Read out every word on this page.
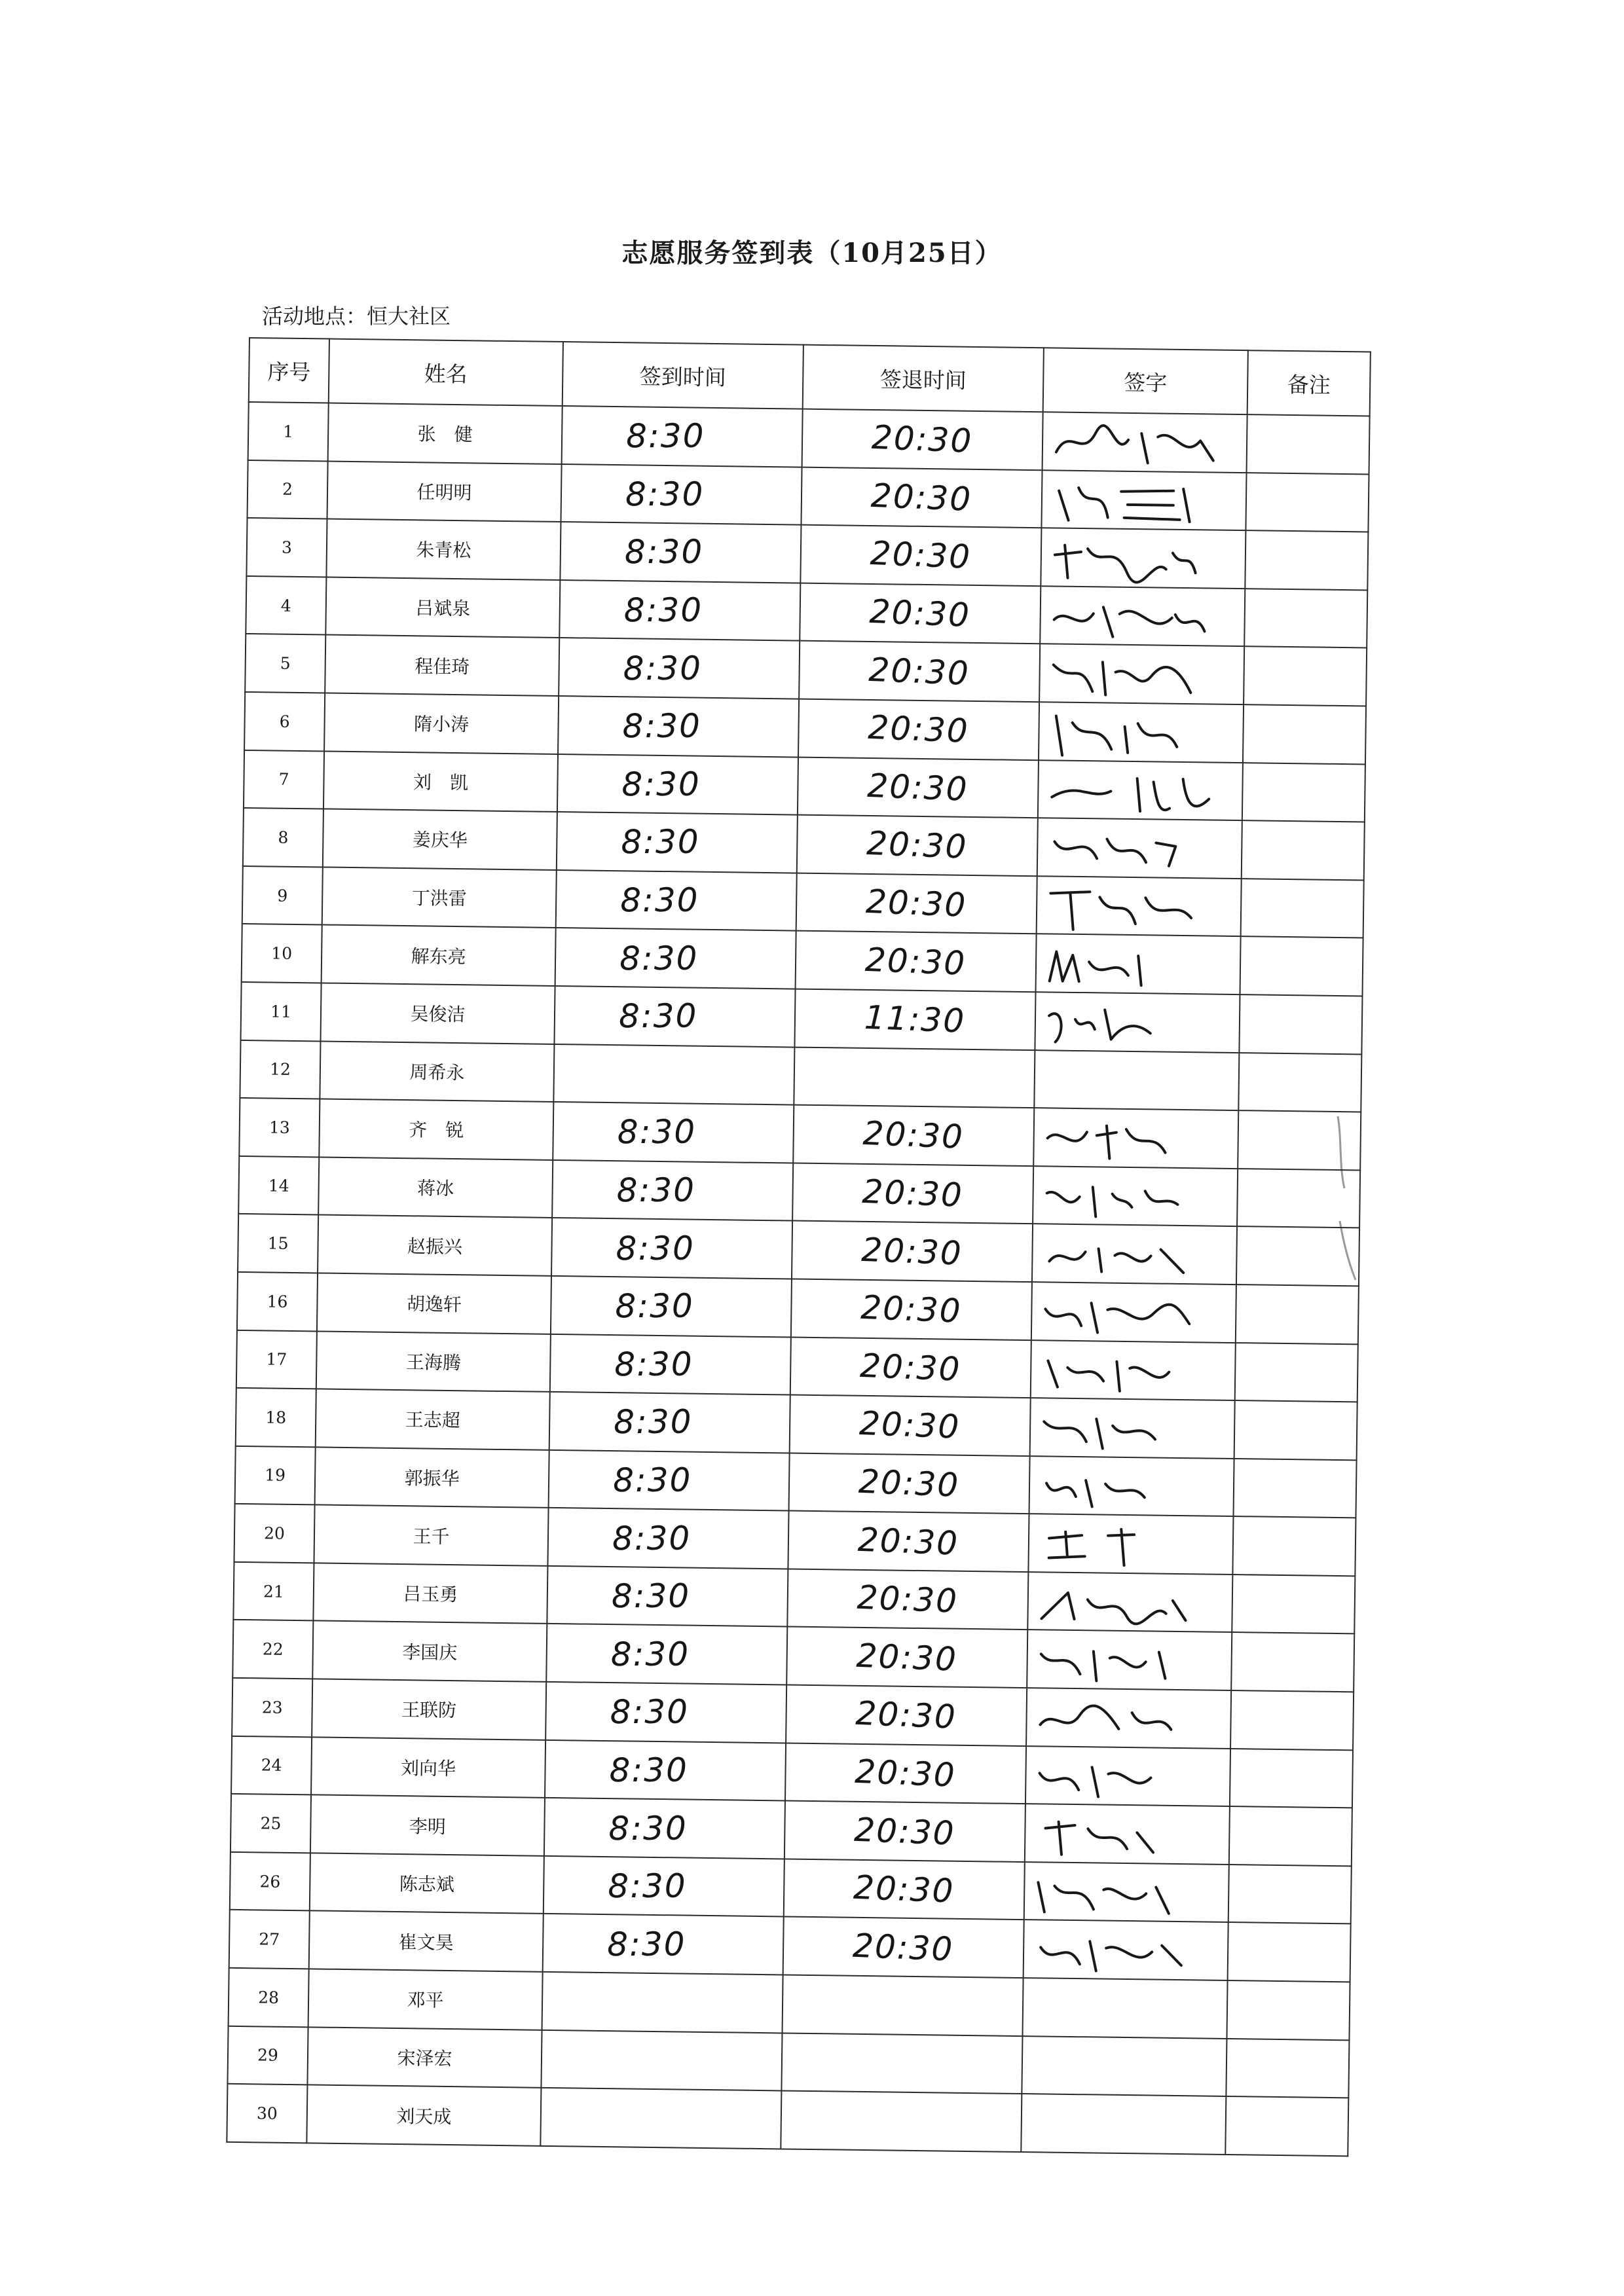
志愿服务签到表（10月25日）
活动地点：恒大社区
序号	姓名	签到时间	签退时间	签字	备注
1	张　健	8:30	20:30	

2	任明明	8:30	20:30	

3	朱青松	8:30	20:30	

4	吕斌泉	8:30	20:30	

5	程佳琦	8:30	20:30	

6	隋小涛	8:30	20:30	

7	刘　凯	8:30	20:30	

8	姜庆华	8:30	20:30	

9	丁洪雷	8:30	20:30	

10	解东亮	8:30	20:30	

11	吴俊洁	8:30	11:30	

12	周希永				
13	齐　锐	8:30	20:30	

14	蒋冰	8:30	20:30	

15	赵振兴	8:30	20:30	

16	胡逸轩	8:30	20:30	

17	王海腾	8:30	20:30	

18	王志超	8:30	20:30	

19	郭振华	8:30	20:30	

20	王千	8:30	20:30	

21	吕玉勇	8:30	20:30	

22	李国庆	8:30	20:30	

23	王联防	8:30	20:30	

24	刘向华	8:30	20:30	

25	李明	8:30	20:30	

26	陈志斌	8:30	20:30	

27	崔文昊	8:30	20:30	

28	邓平				
29	宋泽宏				
30	刘天成				
